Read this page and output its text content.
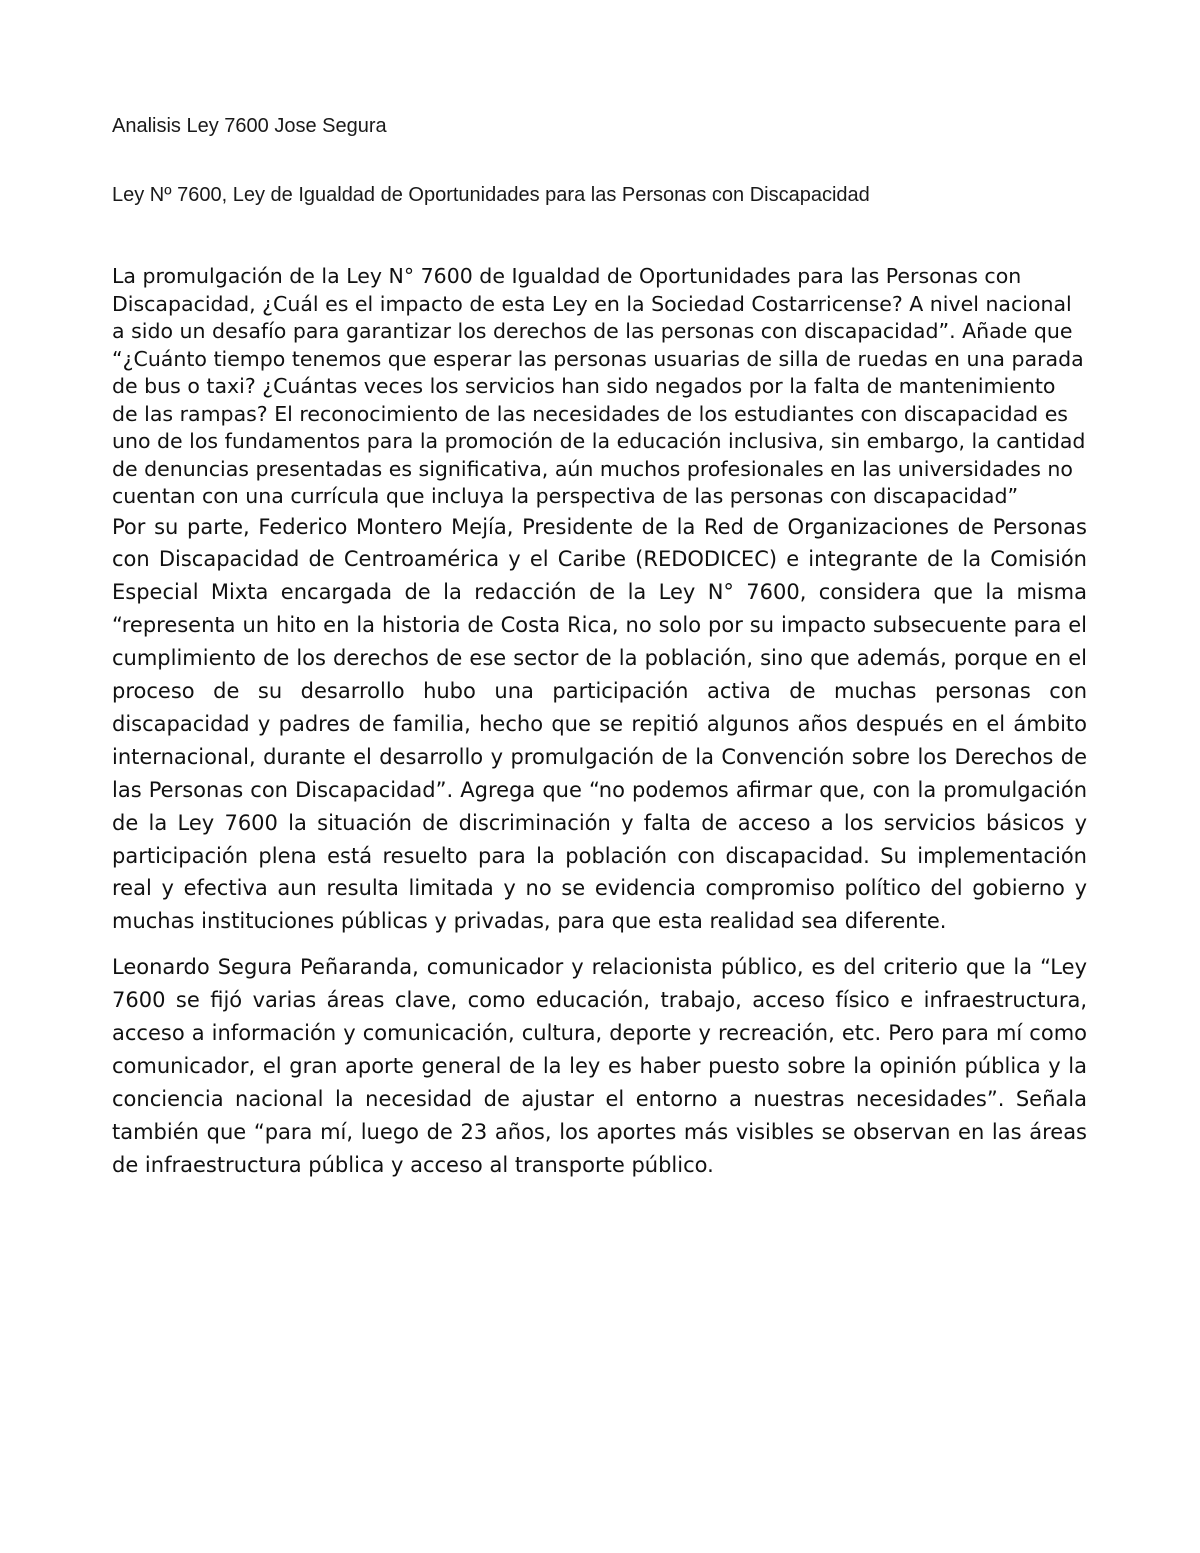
Analisis Ley 7600 Jose Segura

Ley Nº 7600, Ley de Igualdad de Oportunidades para las Personas con Discapacidad

La promulgación de la Ley N° 7600 de Igualdad de Oportunidades para las Personas con Discapacidad, ¿Cuál es el impacto de esta Ley en la Sociedad Costarricense? A nivel nacional a sido un desafío para garantizar los derechos de las personas con discapacidad”. Añade que “¿Cuánto tiempo tenemos que esperar las personas usuarias de silla de ruedas en una parada de bus o taxi? ¿Cuántas veces los servicios han sido negados por la falta de mantenimiento de las rampas? El reconocimiento de las necesidades de los estudiantes con discapacidad es uno de los fundamentos para la promoción de la educación inclusiva, sin embargo, la cantidad de denuncias presentadas es significativa, aún muchos profesionales en las universidades no cuentan con una currícula que incluya la perspectiva de las personas con discapacidad”

Por su parte, Federico Montero Mejía, Presidente de la Red de Organizaciones de Personas con Discapacidad de Centroamérica y el Caribe (REDODICEC) e integrante de la Comisión Especial Mixta encargada de la redacción de la Ley N° 7600, considera que la misma “representa un hito en la historia de Costa Rica, no solo por su impacto subsecuente para el cumplimiento de los derechos de ese sector de la población, sino que además, porque en el proceso de su desarrollo hubo una participación activa de muchas personas con discapacidad y padres de familia, hecho que se repitió algunos años después en el ámbito internacional, durante el desarrollo y promulgación de la Convención sobre los Derechos de las Personas con Discapacidad”. Agrega que “no podemos afirmar que, con la promulgación de la Ley 7600 la situación de discriminación y falta de acceso a los servicios básicos y participación plena está resuelto para la población con discapacidad. Su implementación real y efectiva aun resulta limitada y no se evidencia compromiso político del gobierno y muchas instituciones públicas y privadas, para que esta realidad sea diferente.

Leonardo Segura Peñaranda, comunicador y relacionista público, es del criterio que la “Ley 7600 se fijó varias áreas clave, como educación, trabajo, acceso físico e infraestructura, acceso a información y comunicación, cultura, deporte y recreación, etc. Pero para mí como comunicador, el gran aporte general de la ley es haber puesto sobre la opinión pública y la conciencia nacional la necesidad de ajustar el entorno a nuestras necesidades”. Señala también que “para mí, luego de 23 años, los aportes más visibles se observan en las áreas de infraestructura pública y acceso al transporte público.
